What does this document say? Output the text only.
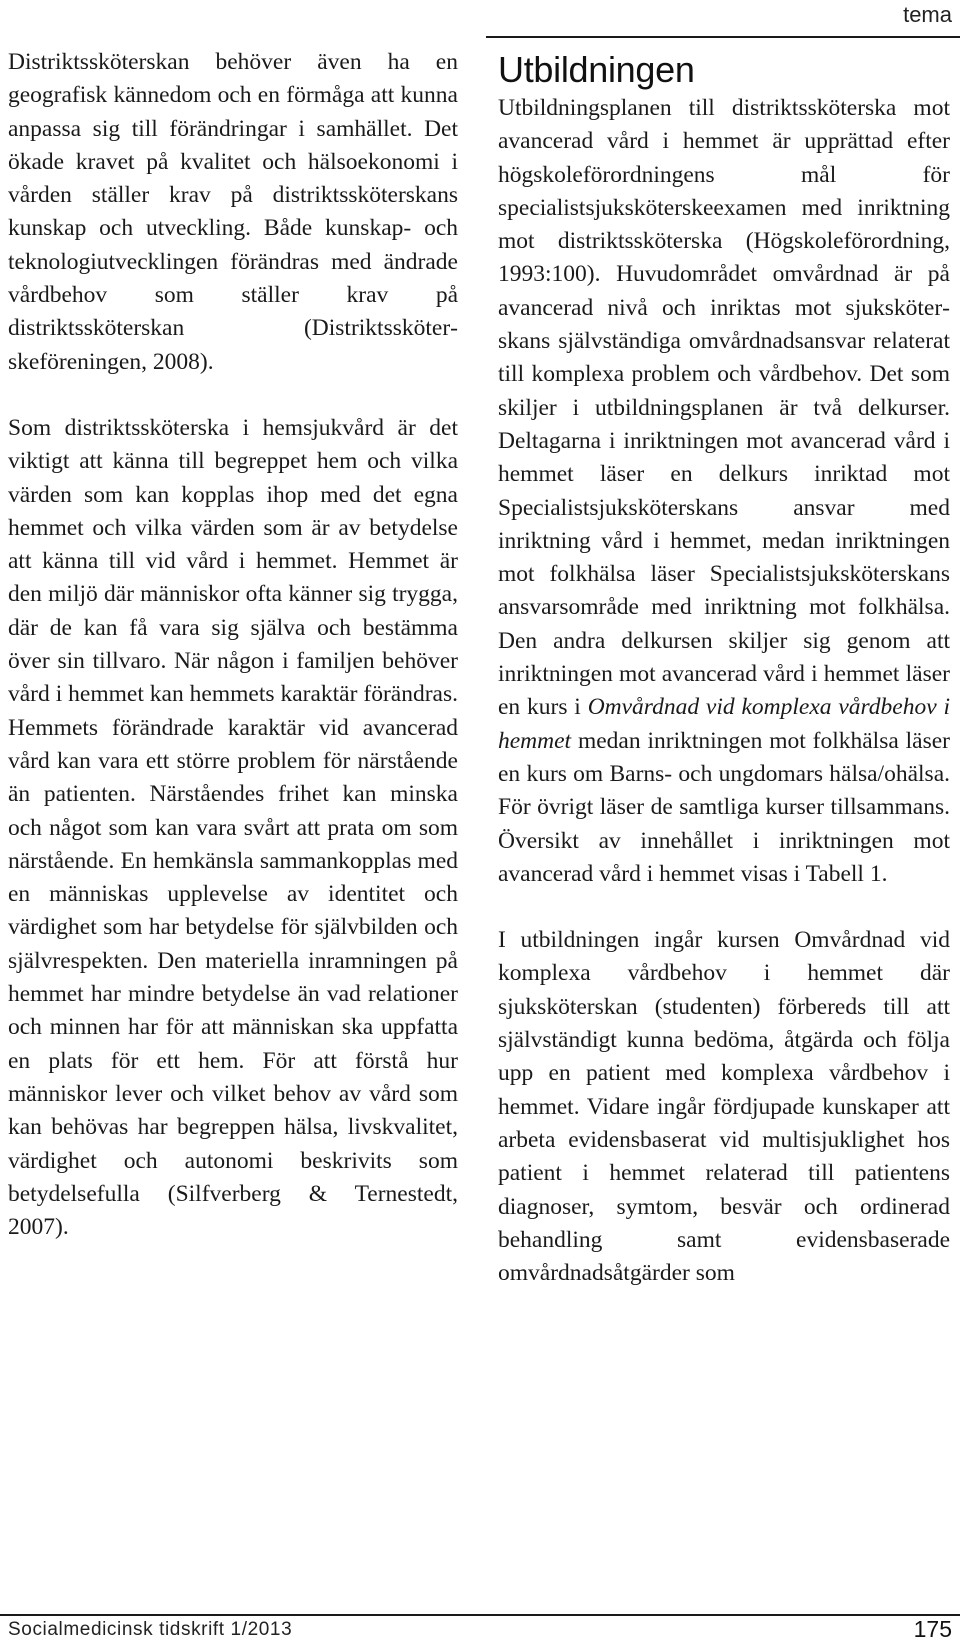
tema

Distriktssköterskan behöver även ha en geografisk kännedom och en förmåga att kunna anpassa sig till förändringar i samhället. Det ökade kravet på kvalitet och hälsoekonomi i vården ställer krav på distriktssköterskans kunskap och utveckling. Både kunskap- och teknologiutvecklingen förändras med ändrade vårdbehov som ställer krav på distriktssköterskan (Distriktssköterskeföreningen, 2008).

Som distriktssköterska i hemsjukvård är det viktigt att känna till begreppet hem och vilka värden som kan kopplas ihop med det egna hemmet och vilka värden som är av betydelse att känna till vid vård i hemmet. Hemmet är den miljö där människor ofta känner sig trygga, där de kan få vara sig själva och bestämma över sin tillvaro. När någon i familjen behöver vård i hemmet kan hemmets karaktär förändras. Hemmets förändrade karaktär vid avancerad vård kan vara ett större problem för närstående än patienten. Närståendes frihet kan minska och något som kan vara svårt att prata om som närstående. En hemkänsla sammankopplas med en människas upplevelse av identitet och värdighet som har betydelse för självbilden och självrespekten. Den materiella inramningen på hemmet har mindre betydelse än vad relationer och minnen har för att människan ska uppfatta en plats för ett hem. För att förstå hur människor lever och vilket behov av vård som kan behövas har begreppen hälsa, livskvalitet, värdighet och autonomi beskrivits som betydelsefulla (Silfverberg & Ternestedt, 2007).

Utbildningen

Utbildningsplanen till distriktssköterska mot avancerad vård i hemmet är upprättad efter högskoleförordningens mål för specialistsjuksköterskeexamen med inriktning mot distriktssköterska (Högskoleförordning, 1993:100). Huvudområdet omvårdnad är på avancerad nivå och inriktas mot sjuksköterskans självständiga omvårdnadsansvar relaterat till komplexa problem och vårdbehov. Det som skiljer i utbildningsplanen är två delkurser. Deltagarna i inriktningen mot avancerad vård i hemmet läser en delkurs inriktad mot Specialistsjuksköterskans ansvar med inriktning vård i hemmet, medan inriktningen mot folkhälsa läser Specialistsjuksköterskans ansvarsområde med inriktning mot folkhälsa. Den andra delkursen skiljer sig genom att inriktningen mot avancerad vård i hemmet läser en kurs i Omvårdnad vid komplexa vårdbehov i hemmet medan inriktningen mot folkhälsa läser en kurs om Barns- och ungdomars hälsa/ohälsa. För övrigt läser de samtliga kurser tillsammans. Översikt av innehållet i inriktningen mot avancerad vård i hemmet visas i Tabell 1.

I utbildningen ingår kursen Omvårdnad vid komplexa vårdbehov i hemmet där sjuksköterskan (studenten) förbereds till att självständigt kunna bedöma, åtgärda och följa upp en patient med komplexa vårdbehov i hemmet. Vidare ingår fördjupade kunskaper att arbeta evidensbaserat vid multisjuklighet hos patient i hemmet relaterad till patientens diagnoser, symtom, besvär och ordinerad behandling samt evidensbaserade omvårdnadsåtgärder som

Socialmedicinsk tidskrift 1/2013	175
